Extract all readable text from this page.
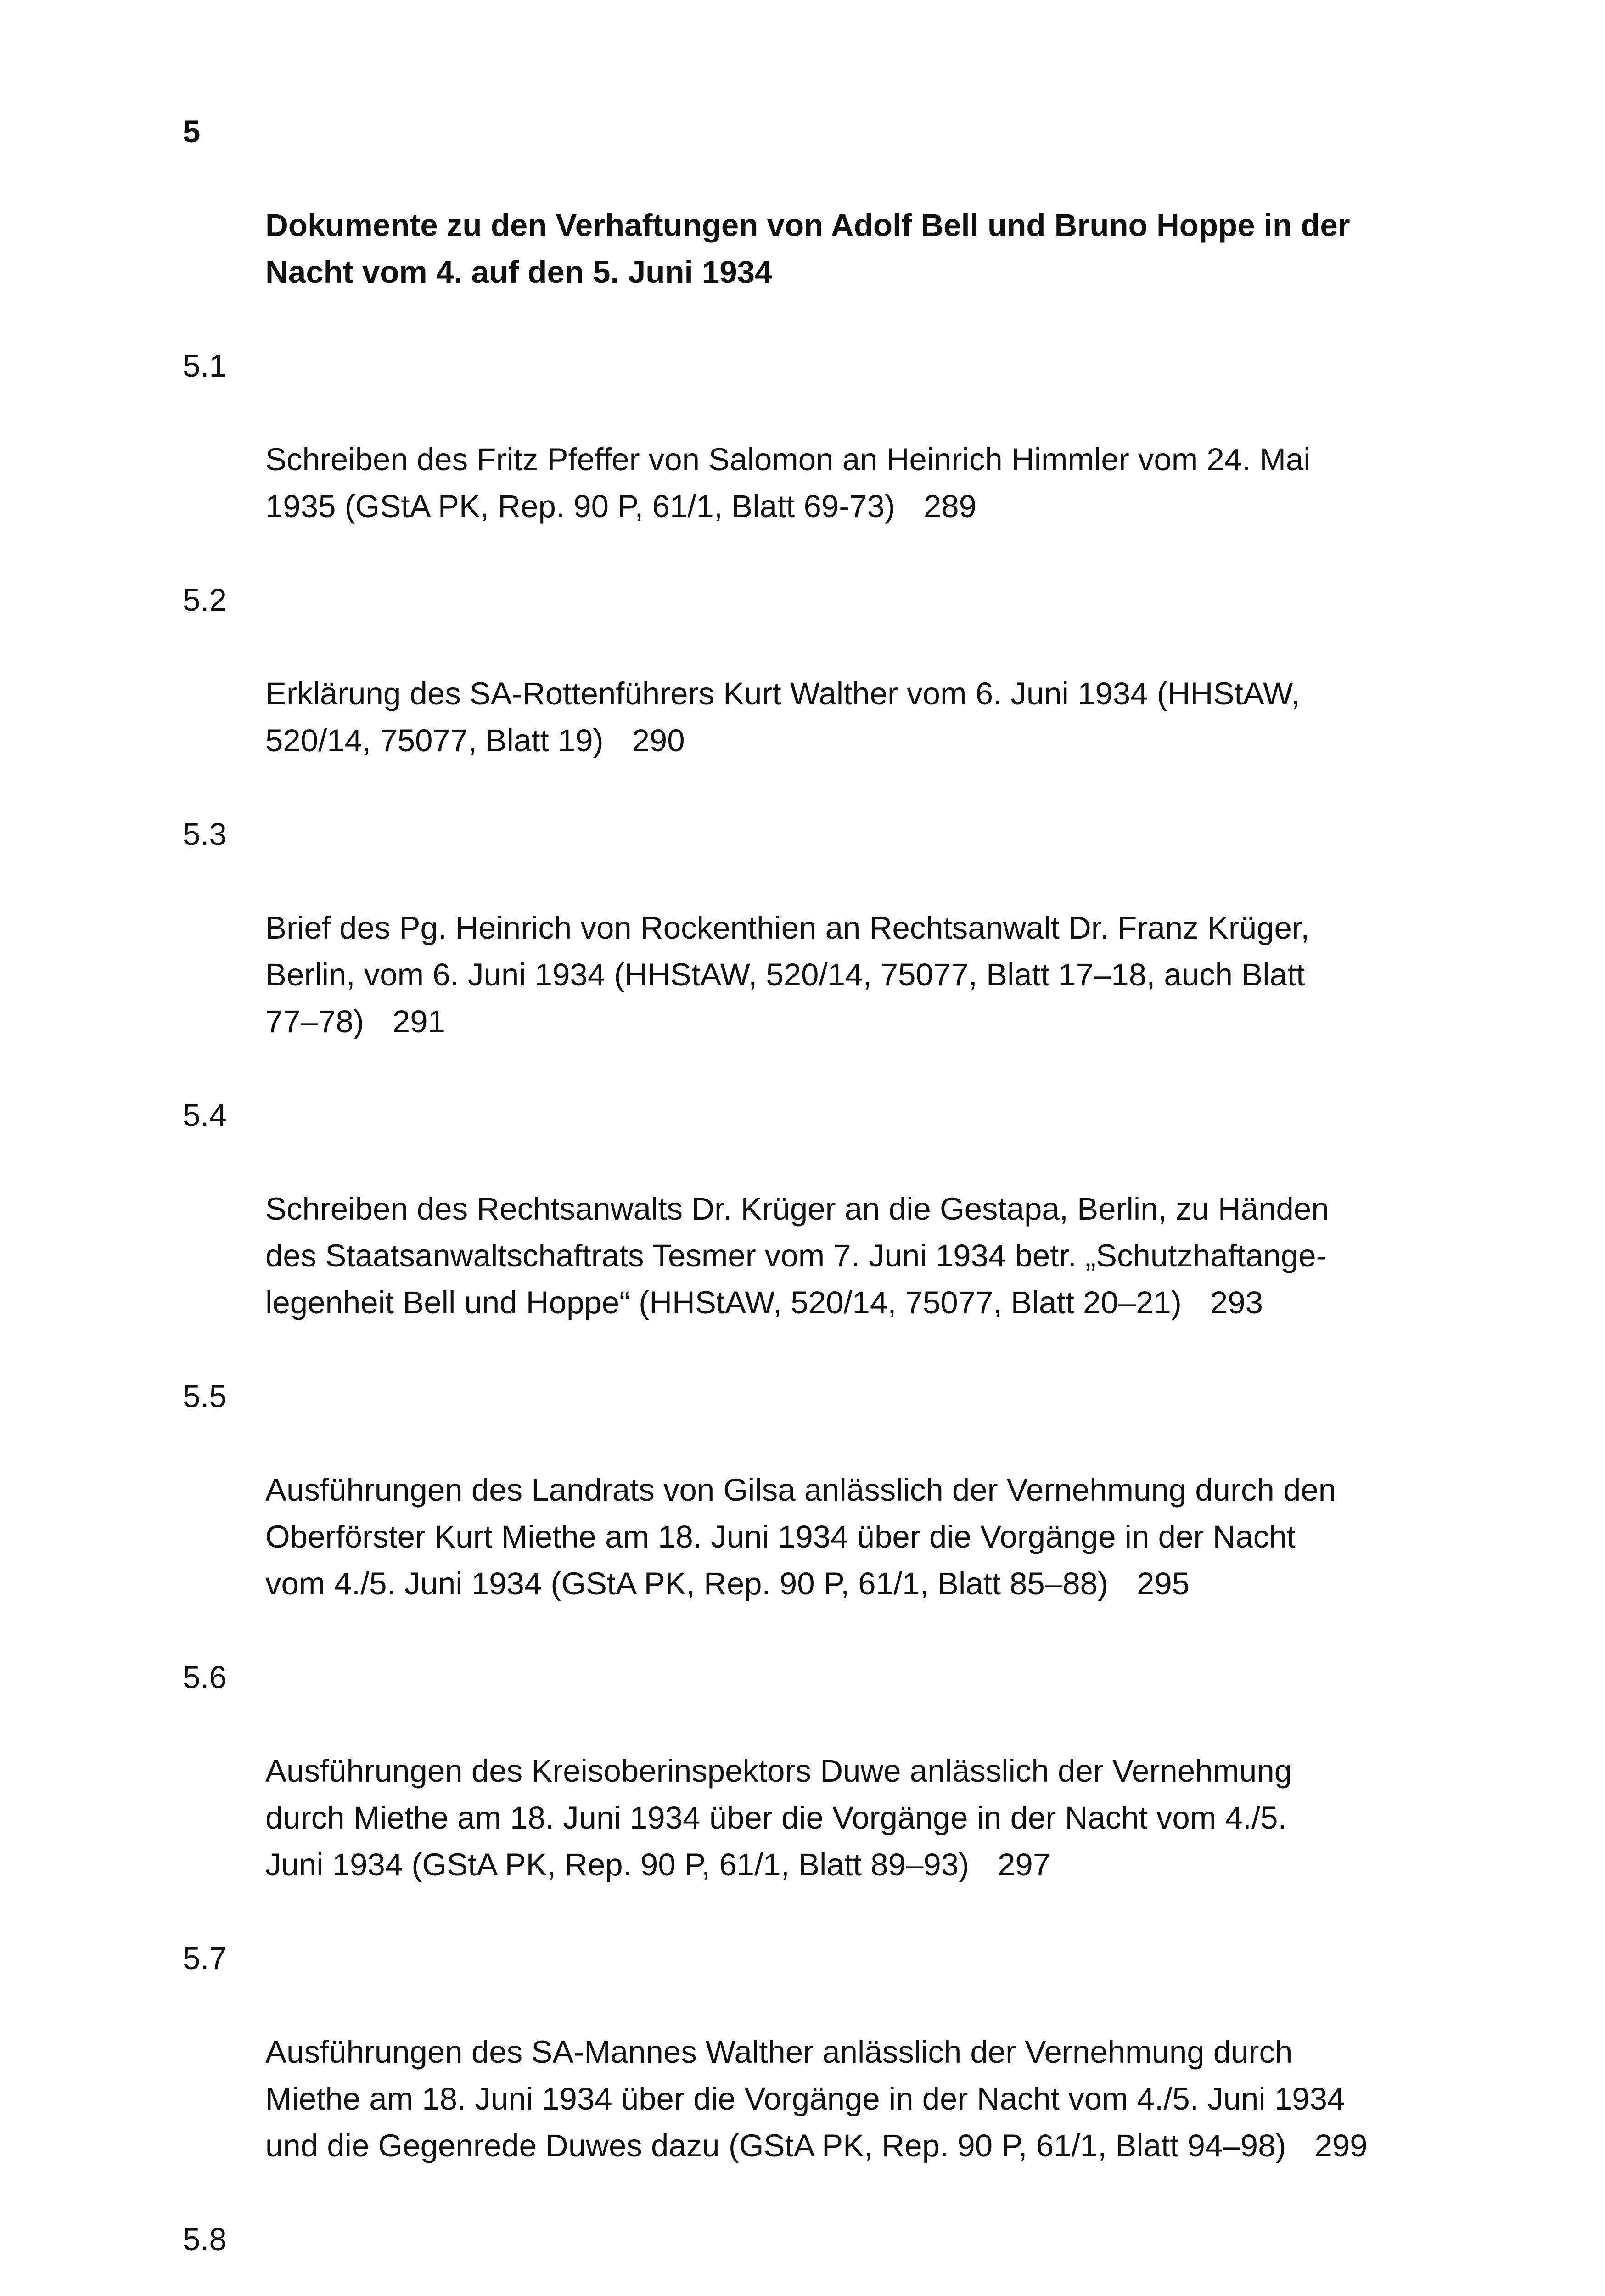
5

Dokumente zu den Verhaftungen von Adolf Bell und Bruno Hoppe in der
Nacht vom 4. auf den 5. Juni 1934

5.1

Schreiben des Fritz Pfeffer von Salomon an Heinrich Himmler vom 24. Mai
1935 (GStA PK, Rep. 90 P, 61/1, Blatt 69-73) 289

5.2

Erklärung des SA-Rottenführers Kurt Walther vom 6. Juni 1934 (HHStAW,
520/14, 75077, Blatt 19) 290

5.3

Brief des Pg. Heinrich von Rockenthien an Rechtsanwalt Dr. Franz Krüger,
Berlin, vom 6. Juni 1934 (HHStAW, 520/14, 75077, Blatt 17–18, auch Blatt
77–78) 291

5.4

Schreiben des Rechtsanwalts Dr. Krüger an die Gestapa, Berlin, zu Händen
des Staatsanwaltschaftrats Tesmer vom 7. Juni 1934 betr. „Schutzhaftange-
legenheit Bell und Hoppe“ (HHStAW, 520/14, 75077, Blatt 20–21) 293

5.5

Ausführungen des Landrats von Gilsa anlässlich der Vernehmung durch den
Oberförster Kurt Miethe am 18. Juni 1934 über die Vorgänge in der Nacht
vom 4./5. Juni 1934 (GStA PK, Rep. 90 P, 61/1, Blatt 85–88) 295

5.6

Ausführungen des Kreisoberinspektors Duwe anlässlich der Vernehmung
durch Miethe am 18. Juni 1934 über die Vorgänge in der Nacht vom 4./5.
Juni 1934 (GStA PK, Rep. 90 P, 61/1, Blatt 89–93) 297

5.7

Ausführungen des SA-Mannes Walther anlässlich der Vernehmung durch
Miethe am 18. Juni 1934 über die Vorgänge in der Nacht vom 4./5. Juni 1934
und die Gegenrede Duwes dazu (GStA PK, Rep. 90 P, 61/1, Blatt 94–98) 299

5.8
